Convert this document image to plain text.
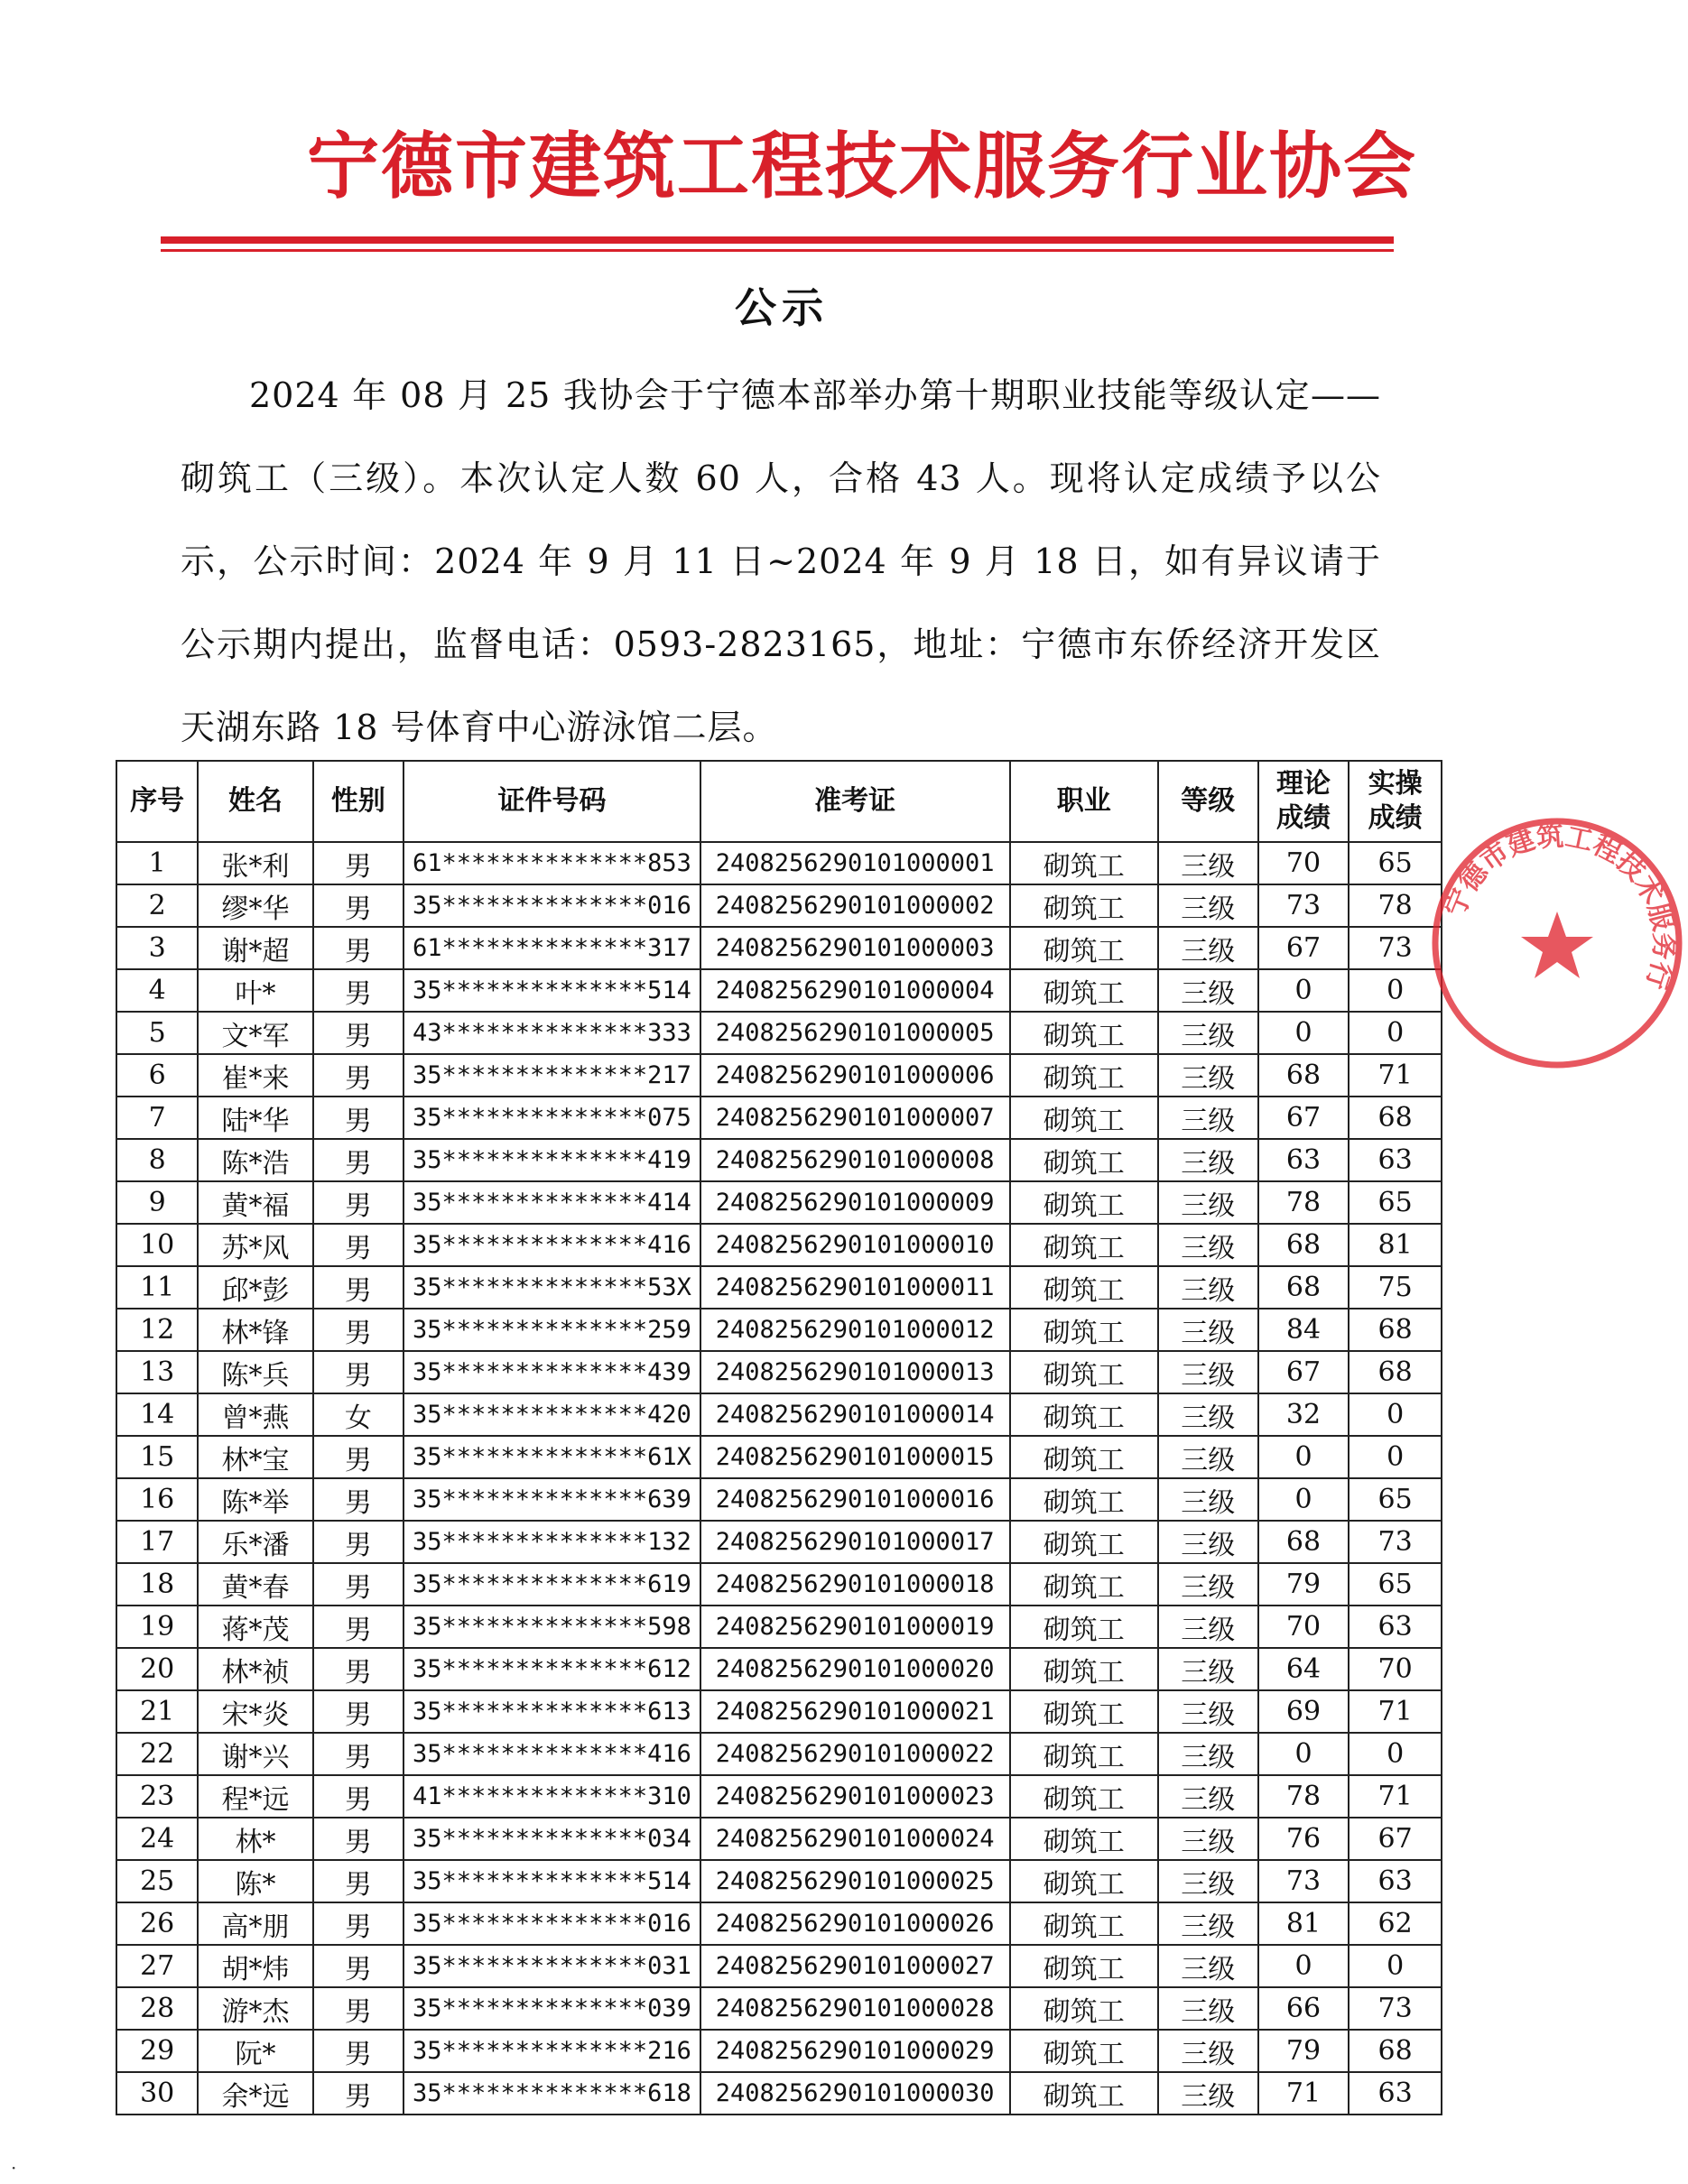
宁德市建筑工程技术服务行业协会
公示

2024 年 08 月 25 我协会于宁德本部举办第十期职业技能等级认定——砌筑工（三级）。本次认定人数 60 人，合格 43 人。现将认定成绩予以公示，公示时间：2024 年 9 月 11 日~2024 年 9 月 18 日，如有异议请于公示期内提出，监督电话：0593-2823165，地址：宁德市东侨经济开发区天湖东路 18 号体育中心游泳馆二层。

序号	姓名	性别	证件号码	准考证	职业	等级	理论成绩	实操成绩
1	张*利	男	61**************853	2408256290101000001	砌筑工	三级	70	65
2	缪*华	男	35**************016	2408256290101000002	砌筑工	三级	73	78
3	谢*超	男	61**************317	2408256290101000003	砌筑工	三级	67	73
4	叶*	男	35**************514	2408256290101000004	砌筑工	三级	0	0
5	文*军	男	43**************333	2408256290101000005	砌筑工	三级	0	0
6	崔*来	男	35**************217	2408256290101000006	砌筑工	三级	68	71
7	陆*华	男	35**************075	2408256290101000007	砌筑工	三级	67	68
8	陈*浩	男	35**************419	2408256290101000008	砌筑工	三级	63	63
9	黄*福	男	35**************414	2408256290101000009	砌筑工	三级	78	65
10	苏*风	男	35**************416	2408256290101000010	砌筑工	三级	68	81
11	邱*彭	男	35**************53X	2408256290101000011	砌筑工	三级	68	75
12	林*锋	男	35**************259	2408256290101000012	砌筑工	三级	84	68
13	陈*兵	男	35**************439	2408256290101000013	砌筑工	三级	67	68
14	曾*燕	女	35**************420	2408256290101000014	砌筑工	三级	32	0
15	林*宝	男	35**************61X	2408256290101000015	砌筑工	三级	0	0
16	陈*举	男	35**************639	2408256290101000016	砌筑工	三级	0	65
17	乐*潘	男	35**************132	2408256290101000017	砌筑工	三级	68	73
18	黄*春	男	35**************619	2408256290101000018	砌筑工	三级	79	65
19	蒋*茂	男	35**************598	2408256290101000019	砌筑工	三级	70	63
20	林*祯	男	35**************612	2408256290101000020	砌筑工	三级	64	70
21	宋*炎	男	35**************613	2408256290101000021	砌筑工	三级	69	71
22	谢*兴	男	35**************416	2408256290101000022	砌筑工	三级	0	0
23	程*远	男	41**************310	2408256290101000023	砌筑工	三级	78	71
24	林*	男	35**************034	2408256290101000024	砌筑工	三级	76	67
25	陈*	男	35**************514	2408256290101000025	砌筑工	三级	73	63
26	高*朋	男	35**************016	2408256290101000026	砌筑工	三级	81	62
27	胡*炜	男	35**************031	2408256290101000027	砌筑工	三级	0	0
28	游*杰	男	35**************039	2408256290101000028	砌筑工	三级	66	73
29	阮*	男	35**************216	2408256290101000029	砌筑工	三级	79	68
30	余*远	男	35**************618	2408256290101000030	砌筑工	三级	71	63
宁德市建筑工程技术服务行
·
